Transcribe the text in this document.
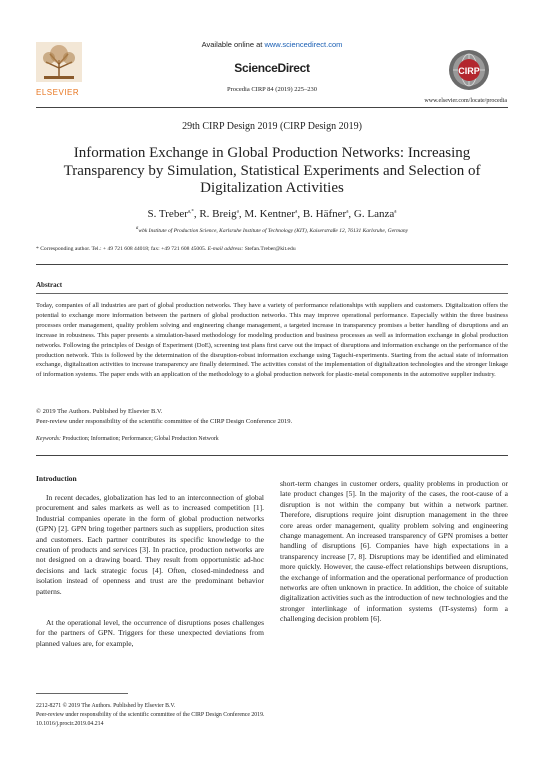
ELSEVIER
Available online at www.sciencedirect.com
ScienceDirect
Procedia CIRP 84 (2019) 225–230
CIRP
www.elsevier.com/locate/procedia
29th CIRP Design 2019 (CIRP Design 2019)
Information Exchange in Global Production Networks: Increasing Transparency by Simulation, Statistical Experiments and Selection of Digitalization Activities
S. Treber$^{a,*}$, R. Breig$^a$, M. Kentner$^a$, B. Häfner$^a$, G. Lanza$^a$
$^a$wbk Institute of Production Science, Karlsruhe Institute of Technology (KIT), Kaiserstraße 12, 76131 Karlsruhe, Germany
* Corresponding author. Tel.: + 49 721 608 44018; fax: +49 721 608 45005. E-mail address: Stefan.Treber@kit.edu
Abstract
Today, companies of all industries are part of global production networks. They have a variety of performance relationships with suppliers and customers. Digitalization offers the potential to exchange more information between the partners of global production networks. This may improve operational performance. Especially within the three business processes order management, quality problem solving and engineering change management, a targeted increase in transparency promises a better handling of disruptions and an increase in robustness. This paper presents a simulation-based methodology for modeling production and business processes as well as information exchange in global production networks. Following the principles of Design of Experiment (DoE), screening test plans first carve out the impact of disruptions and information exchange on the performance of the production network. This is followed by the determination of the disruption-robust information exchange using Taguchi-experiments. Starting from the actual state of information exchange, digitalization activities to increase transparency are finally determined. The activities consist of the implementation of digitalization technologies and the stronger linkage of information systems. The paper ends with an application of the methodology to a global production network for plastic-metal components in the automotive supplier industry.
© 2019 The Authors. Published by Elsevier B.V.
Peer-review under responsibility of the scientific committee of the CIRP Design Conference 2019.
Keywords: Production; Information; Performance; Global Production Network
Introduction
In recent decades, globalization has led to an interconnection of global procurement and sales markets as well as to increased competition [1]. Industrial companies operate in the form of global production networks (GPN) [2]. GPN bring together partners such as suppliers, production sites and customers. Each partner contributes its specific knowledge to the creation of products and services [3]. In practice, production networks are not designed on a drawing board. They result from opportunistic ad-hoc decisions and lack strategic focus [4]. Often, closed-mindedness and isolation instead of openness and trust are the predominant behavior patterns.
At the operational level, the occurrence of disruptions poses challenges for the partners of GPN. Triggers for these unexpected deviations from planned values are, for example,
short-term changes in customer orders, quality problems in production or late product changes [5]. In the majority of the cases, the root-cause of a disruption is not within the company but within a network partner. Therefore, disruptions require joint disruption management in the three core areas order management, quality problem solving and engineering change management. An increased transparency of GPN promises a better handling of disruptions [6]. Companies have high expectations in a transparency increase [7, 8]. Disruptions may be identified and eliminated more quickly. However, the cause-effect relationships between disruptions, the exchange of information and the operational performance of production networks are often unknown in practice. In addition, the choice of suitable digitalization activities such as the introduction of new technologies and the stronger interlinkage of information systems (IT-systems) form a challenging decision problem [6].
2212-8271 © 2019 The Authors. Published by Elsevier B.V.
Peer-review under responsibility of the scientific committee of the CIRP Design Conference 2019.
10.1016/j.procir.2019.04.214
